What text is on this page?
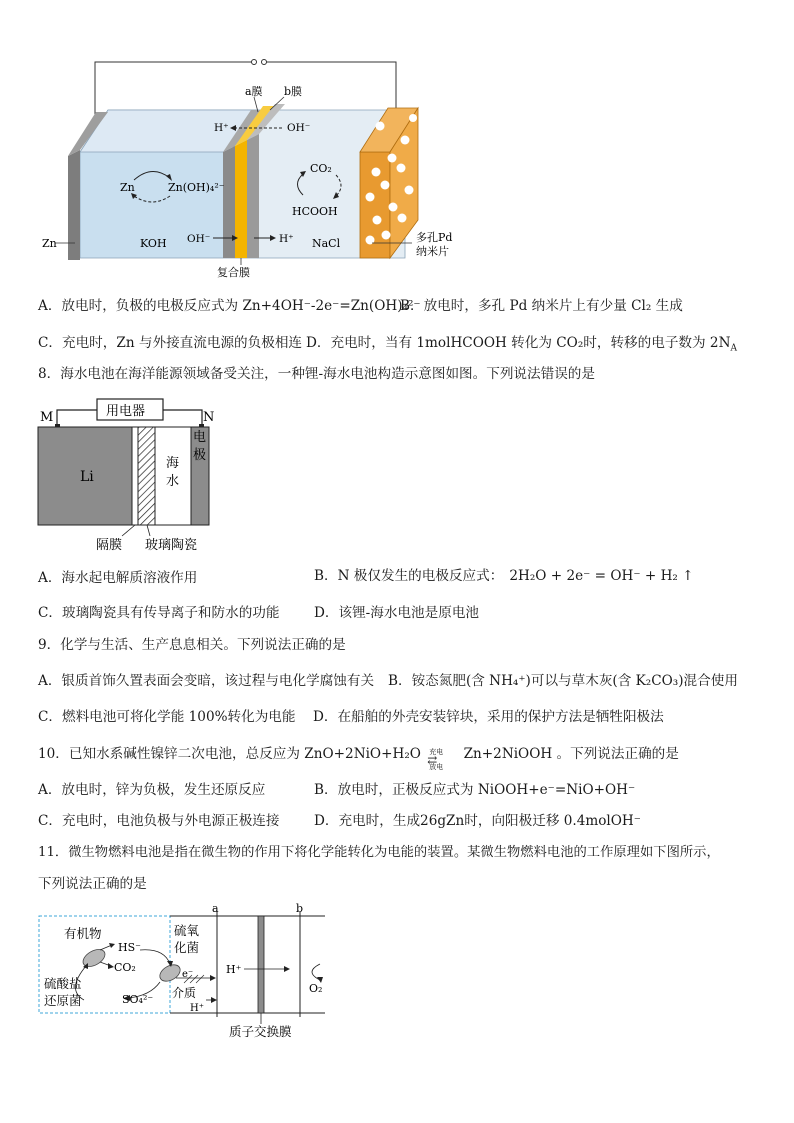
a膜 b膜
H⁺	OH⁻
Zn	Zn(OH)₄²⁻
KOH
CO₂
HCOOH
NaCl
Zn	多孔Pd
纳米片
复合膜
OH⁻	H⁺
A．放电时，负极的电极反应式为 Zn+4OH⁻-2e⁻=Zn(OH)₄²⁻
B．放电时，多孔 Pd 纳米片上有少量 Cl₂ 生成
C．充电时，Zn 与外接直流电源的负极相连 D．充电时，当有 1molHCOOH 转化为 CO₂时，转移的电子数为 $2N_A$
8．海水电池在海洋能源领域备受关注，一种锂-海水电池构造示意图如图。下列说法错误的是
M	N
用电器
Li
海
水
电
极
隔膜 玻璃陶瓷
a	b
有机物
HS⁻
CO₂
硫氧
化菌
硫酸盐
还原菌	SO₄²⁻
e⁻
介质
H⁺
H⁺
O₂
质子交换膜
A．海水起电解质溶液作用	B．N 极仅发生的电极反应式： 2H₂O + 2e⁻ = OH⁻ + H₂ ↑
C．玻璃陶瓷具有传导离子和防水的功能	D．该锂-海水电池是原电池
9．化学与生活、生产息息相关。下列说法正确的是
A．银质首饰久置表面会变暗，该过程与电化学腐蚀有关 B．铵态氮肥(含 NH₄⁺)可以与草木灰(含 K₂CO₃)混合使用
C．燃料电池可将化学能 100%转化为电能 D．在船舶的外壳安装锌块，采用的保护方法是牺牲阳极法
10．已知水系碱性镍锌二次电池，总反应为 ZnO+2NiO+H₂O 充电
⇄
放电
Zn+2NiOOH 。下列说法正确的是
A．放电时，锌为负极，发生还原反应	B．放电时，正极反应式为 NiOOH+e⁻=NiO+OH⁻
C．充电时，电池负极与外电源正极连接	D．充电时，生成26gZn时，向阳极迁移 0.4molOH⁻
11．微生物燃料电池是指在微生物的作用下将化学能转化为电能的装置。某微生物燃料电池的工作原理如下图所示，
下列说法正确的是
